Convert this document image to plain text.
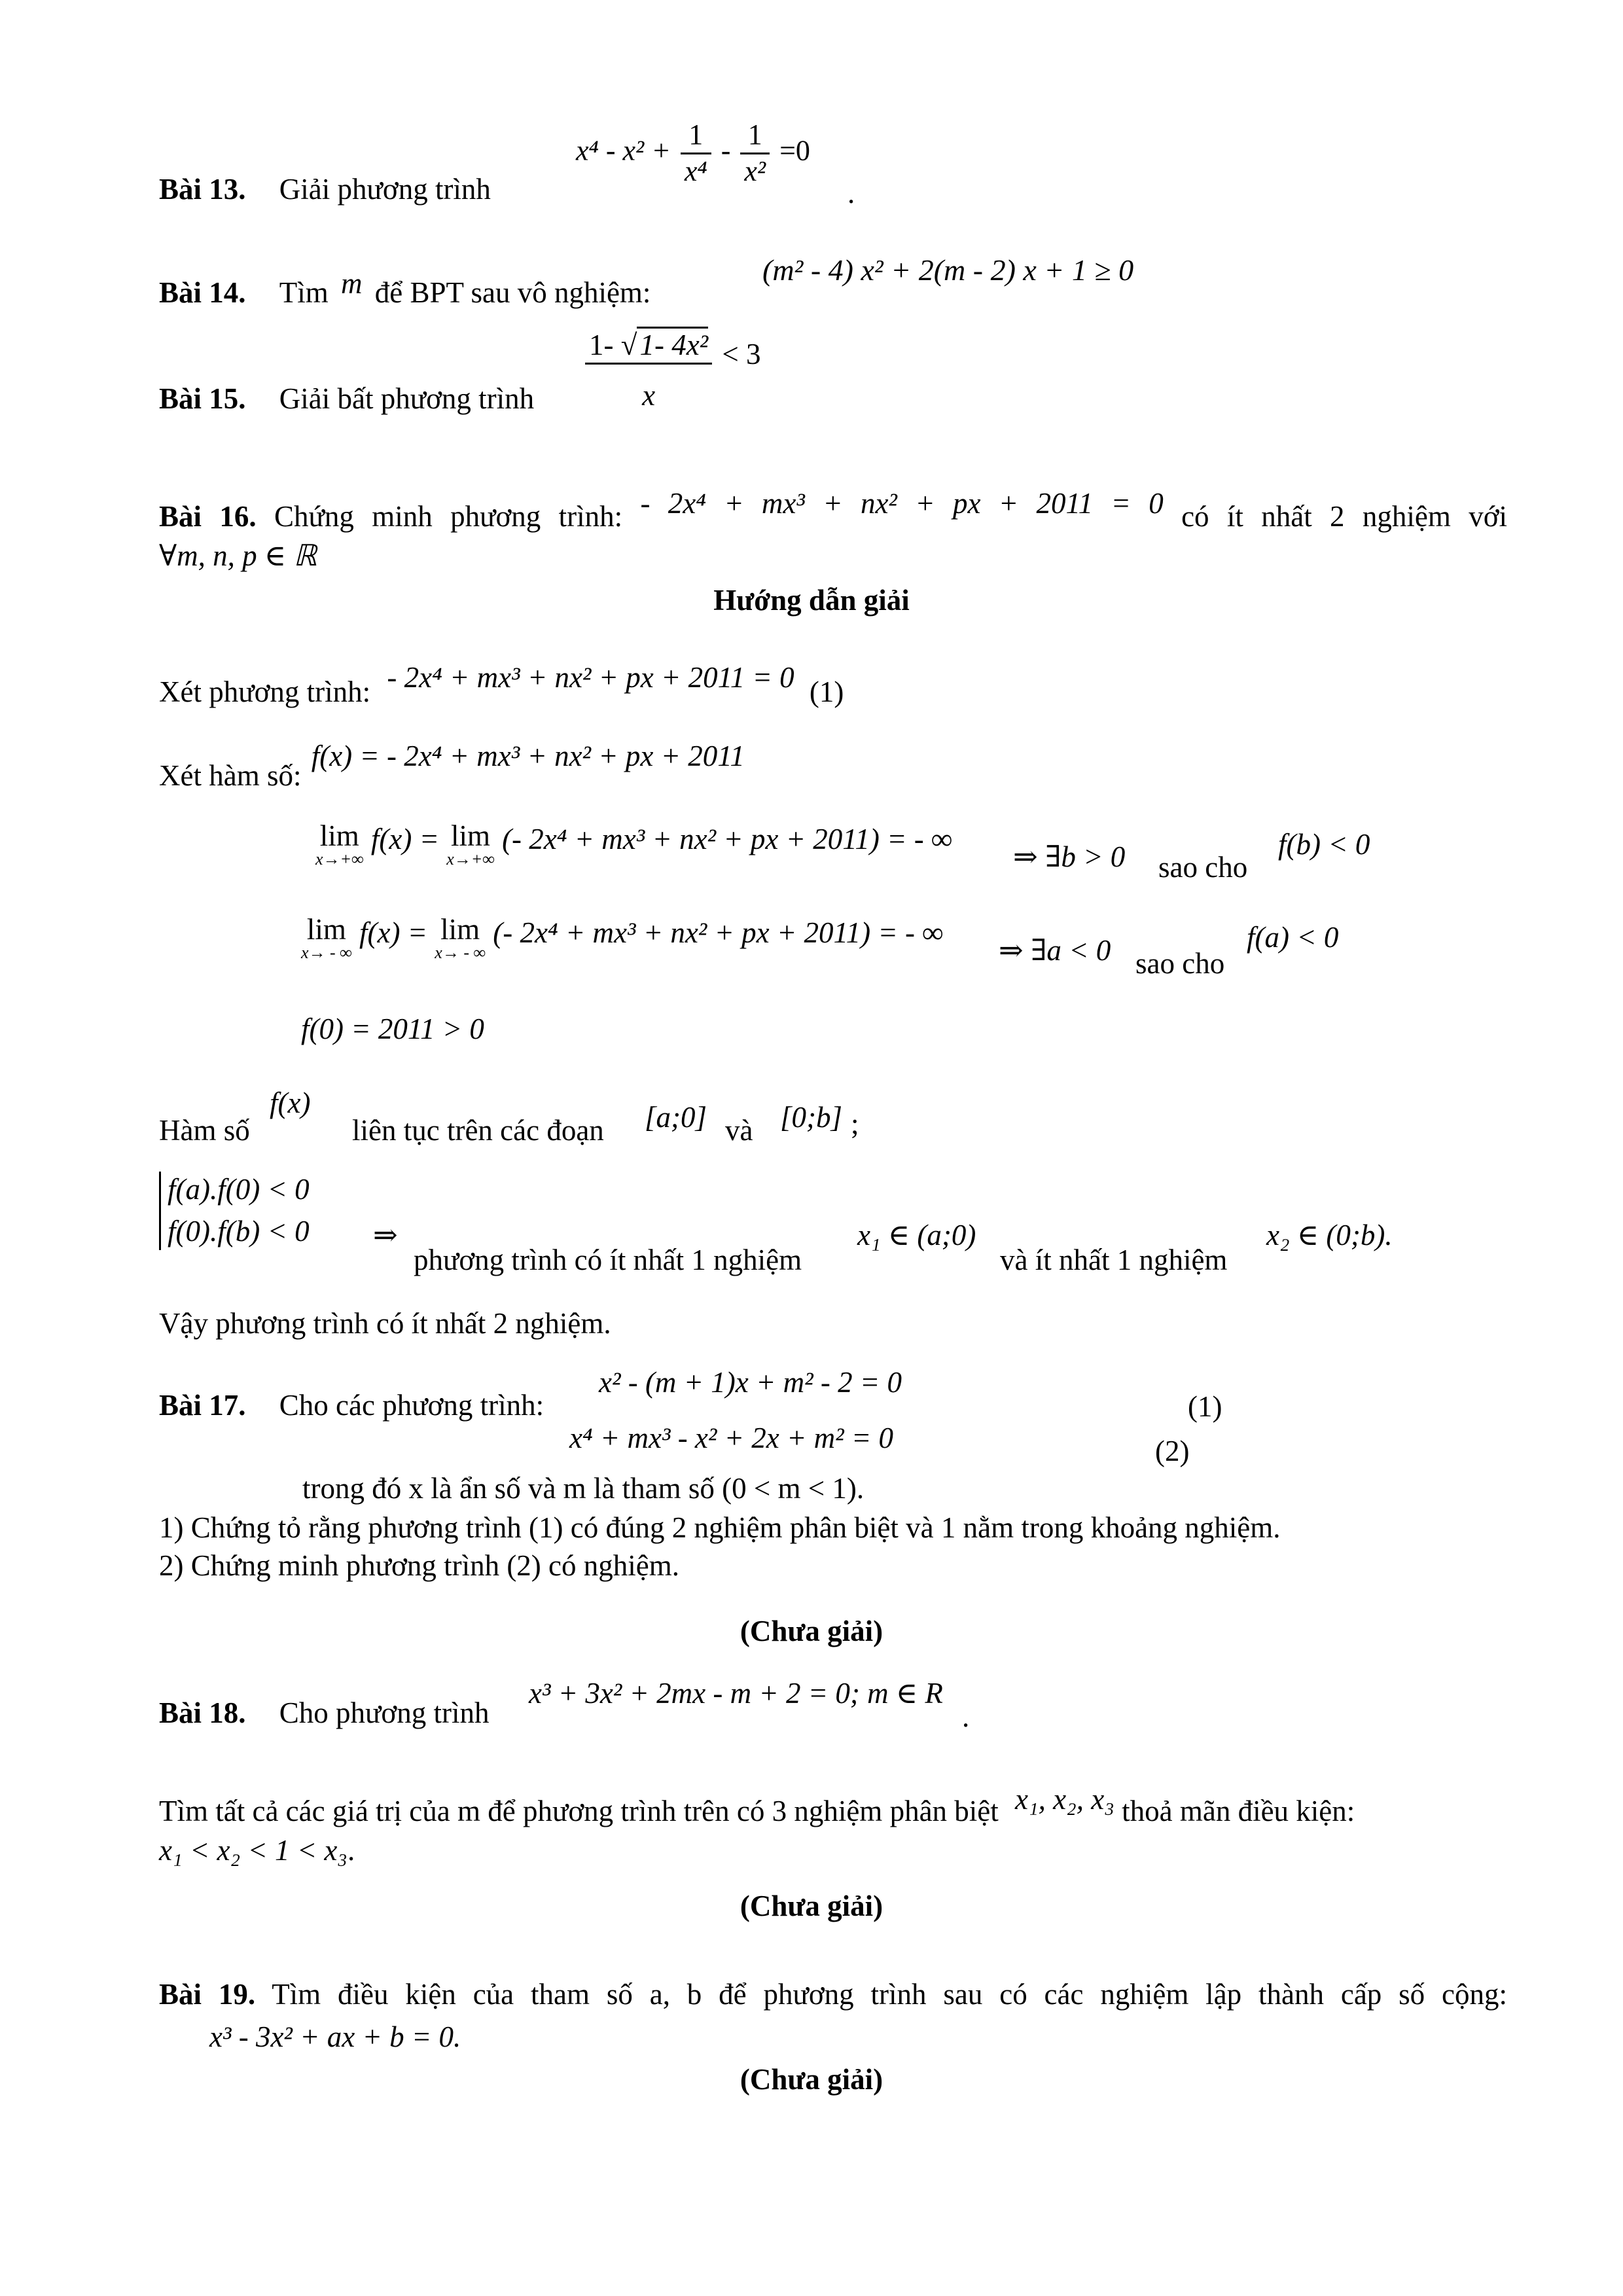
Bài 13. Giải phương trình
$x^4 - x^2 + \frac{1}{\text{x⁴}} - \frac{1}{\text{x²}} =0$
.
Bài 14. Tìm m để BPT sau vô nghiệm:
(m² - 4) x² + 2(m - 2) x + 1 ≥ 0
Bài 15. Giải bất phương trình $\frac{\text{1- √1- 4x²}}{x} < 3$
Bài 16. Chứng minh phương trình: - 2x⁴ + mx³ + nx² + px + 2011 = 0 có ít nhất 2 nghiệm với
∀m, n, p ∈ ℝ
Hướng dẫn giải
Xét phương trình: - 2x⁴ + mx³ + nx² + px + 2011 = 0 (1)
Xét hàm số: f(x) = - 2x⁴ + mx³ + nx² + px + 2011
lim
x→+∞
f(x) = lim
x→+∞
(- 2x⁴ + mx³ + nx² + px + 2011) = - ∞
⇒ ∃b > 0 sao cho
f(b) < 0
lim
x→ - ∞
f(x) = lim
x→ - ∞
(- 2x⁴ + mx³ + nx² + px + 2011) = - ∞
⇒ ∃a < 0 sao cho
f(a) < 0
f(0) = 2011 > 0
Hàm số
f(x)
liên tục trên các đoạn [a;0] và [0;b] ;
f(a).f(0) < 0
f(0).f(b) < 0 ⇒
phương trình có ít nhất 1 nghiệm
x₁ ∈ (a;0)
và ít nhất 1 nghiệm
x₂ ∈ (0;b).
Vậy phương trình có ít nhất 2 nghiệm.
Bài 17. Cho các phương trình:
x² - (m + 1)x + m² - 2 = 0
(1)
x⁴ + mx³ - x² + 2x + m² = 0	(2)
trong đó x là ẩn số và m là tham số (0 < m < 1).
1) Chứng tỏ rằng phương trình (1) có đúng 2 nghiệm phân biệt và 1 nằm trong khoảng nghiệm.
2) Chứng minh phương trình (2) có nghiệm.
(Chưa giải)
Bài 18. Cho phương trình
x³ + 3x² + 2mx - m + 2 = 0; m ∈ R
.
Tìm tất cả các giá trị của m để phương trình trên có 3 nghiệm phân biệt x₁, x₂, x₃ thoả mãn điều kiện:
x₁ < x₂ < 1 < x₃.
(Chưa giải)
Bài 19. Tìm điều kiện của tham số a, b để phương trình sau có các nghiệm lập thành cấp số cộng:
x³ - 3x² + ax + b = 0.
(Chưa giải)
